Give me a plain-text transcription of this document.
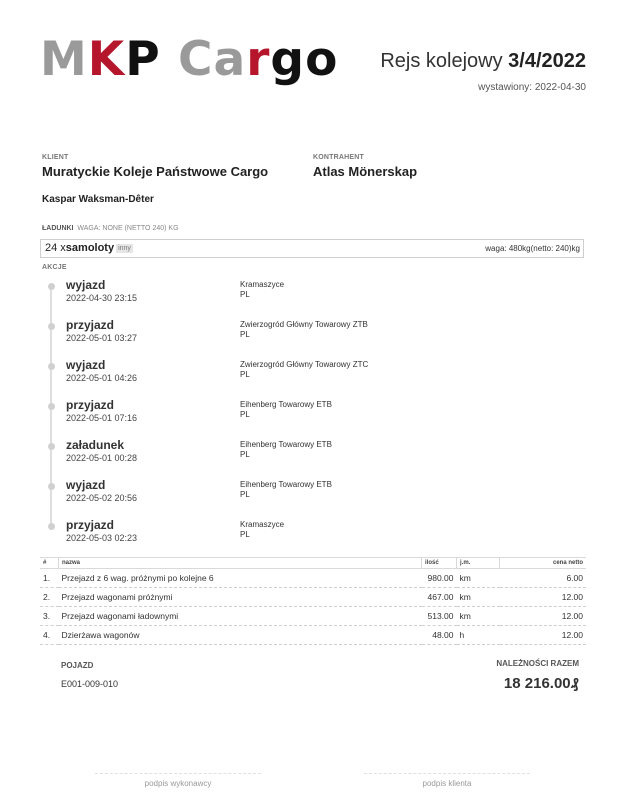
MKP Cargo Rejs kolejowy 3/4/2022
wystawiony: 2022-04-30
KLIENT
Muratyckie Koleje Państwowe Cargo
KONTRAHENT
Atlas Mönerskap
Kaspar Waksman-Dêter
ŁADUNKI WAGA: NONE (NETTO 240) KG
24 xsamoloty inny	waga: 480kg(netto: 240)kg
AKCJE
wyjazd
2022-04-30 23:15
Kramaszyce
PL
przyjazd
2022-05-01 03:27
Zwierzogród Główny Towarowy ZTB
PL
wyjazd
2022-05-01 04:26
Zwierzogród Główny Towarowy ZTC
PL
przyjazd
2022-05-01 07:16
Eihenberg Towarowy ETB
PL
załadunek
2022-05-01 00:28
Eihenberg Towarowy ETB
PL
wyjazd
2022-05-02 20:56
Eihenberg Towarowy ETB
PL
przyjazd
2022-05-03 02:23
Kramaszyce
PL
#	nazwa	ilość	j.m.	cena netto
1.	Przejazd z 6 wag. próżnymi po kolejne 6	980.00	km	6.00
2.	Przejazd wagonami próżnymi	467.00	km	12.00
3.	Przejazd wagonami ładownymi	513.00	km	12.00
4.	Dzierżawa wagonów	48.00	h	12.00
POJAZD
E001-009-010
NALEŻNOŚCI RAZEM
18 216.00₰
podpis wykonawcy	podpis klienta
